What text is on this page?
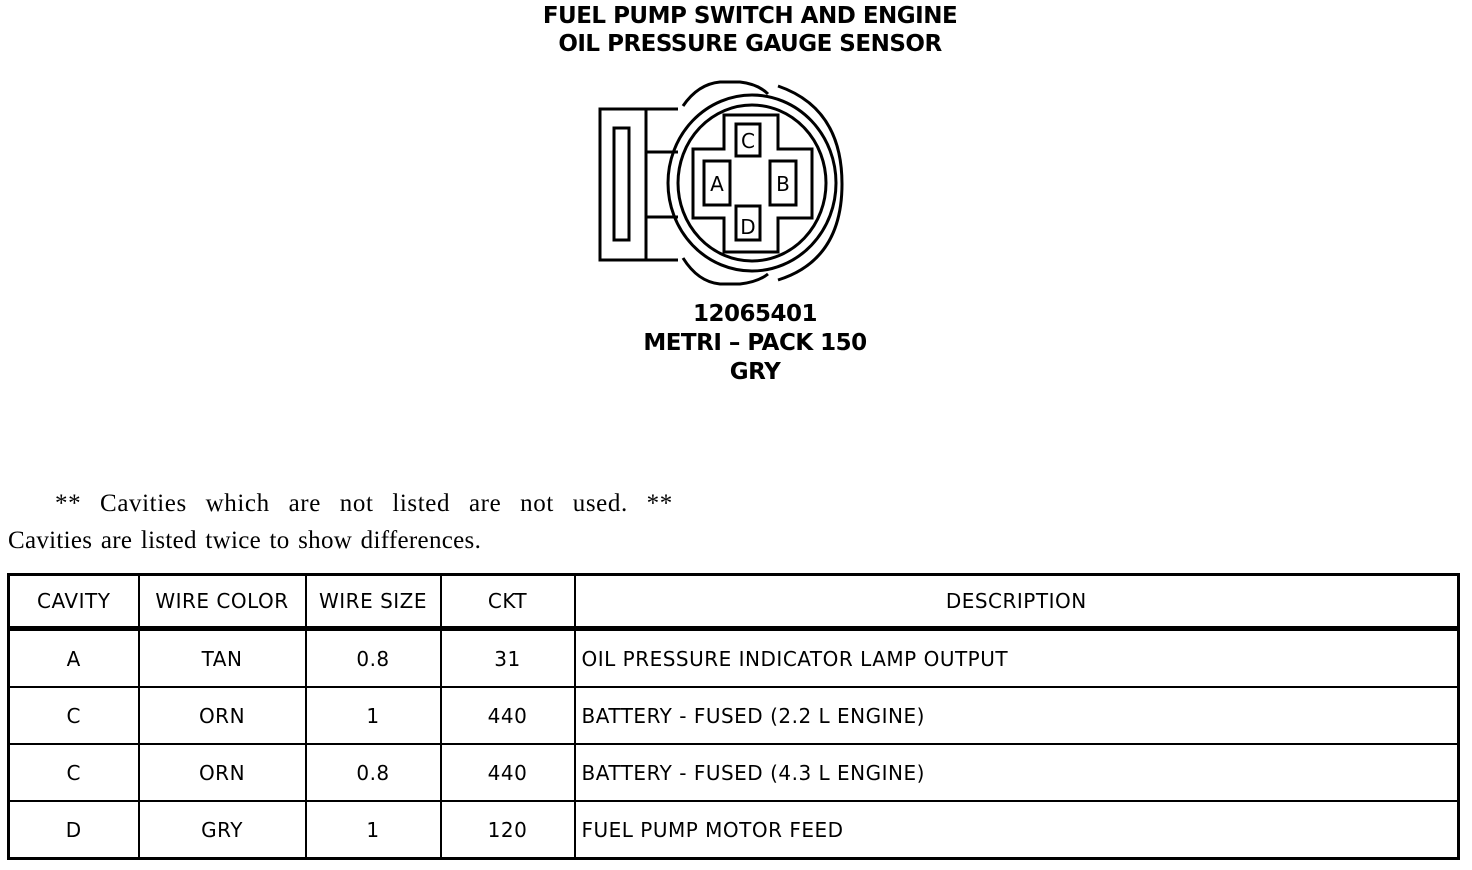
FUEL PUMP SWITCH AND ENGINE
OIL PRESSURE GAUGE SENSOR
C
A	B
D
12065401
METRI – PACK 150
GRY
** Cavities which are not listed are not used. **
Cavities are listed twice to show differences.
CAVITY	WIRE COLOR	WIRE SIZE	CKT	DESCRIPTION
A	TAN	0.8	31	OIL PRESSURE INDICATOR LAMP OUTPUT
C	ORN	1	440	BATTERY - FUSED (2.2 L ENGINE)
C	ORN	0.8	440	BATTERY - FUSED (4.3 L ENGINE)
D	GRY	1	120	FUEL PUMP MOTOR FEED
